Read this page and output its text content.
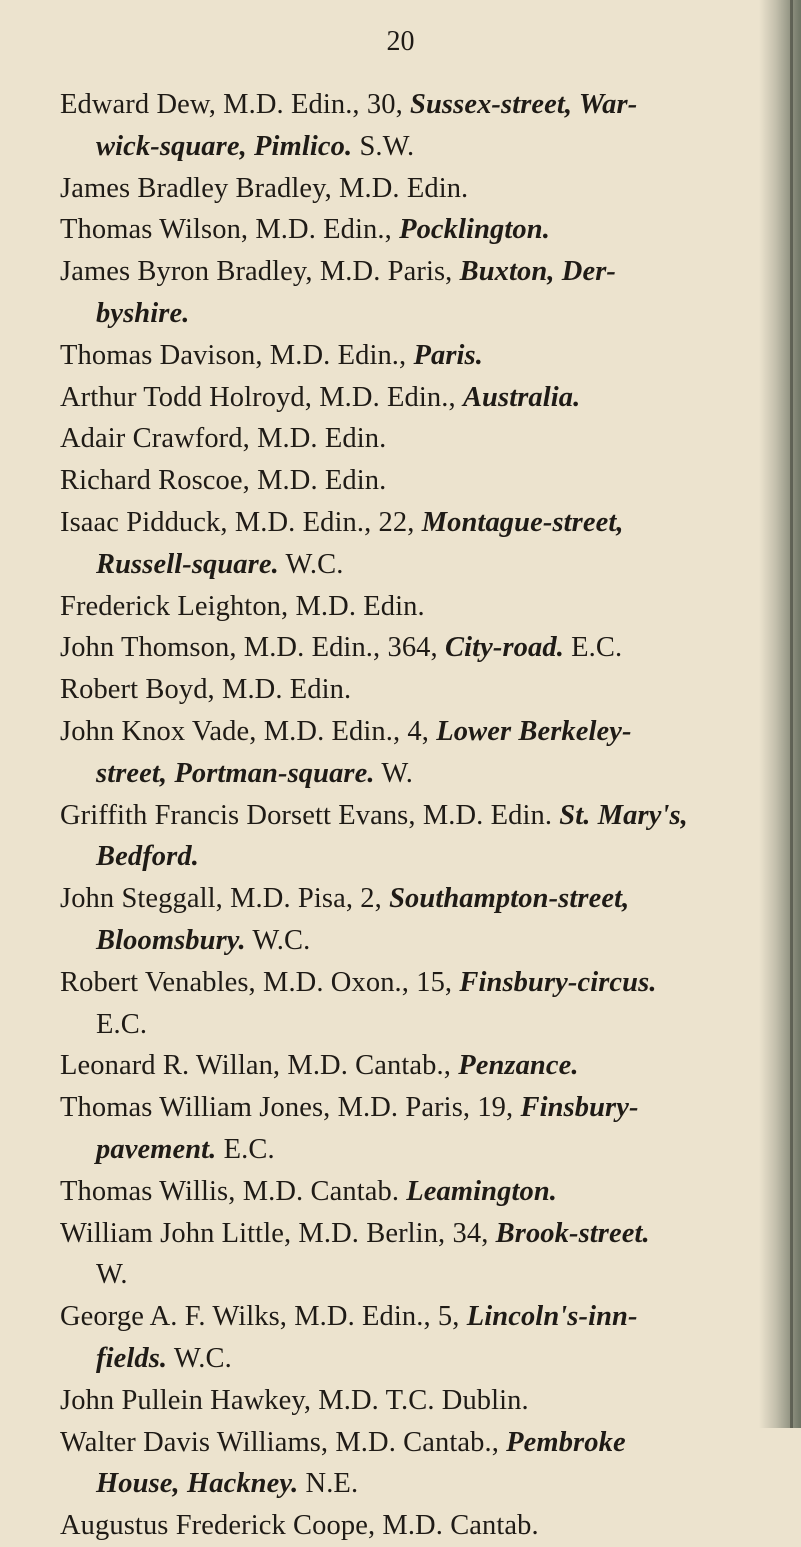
20
Edward Dew, M.D. Edin., 30, Sussex-street, War-
wick-square, Pimlico. S.W.
James Bradley Bradley, M.D. Edin.
Thomas Wilson, M.D. Edin., Pocklington.
James Byron Bradley, M.D. Paris, Buxton, Der-
byshire.
Thomas Davison, M.D. Edin., Paris.
Arthur Todd Holroyd, M.D. Edin., Australia.
Adair Crawford, M.D. Edin.
Richard Roscoe, M.D. Edin.
Isaac Pidduck, M.D. Edin., 22, Montague-street,
Russell-square. W.C.
Frederick Leighton, M.D. Edin.
John Thomson, M.D. Edin., 364, City-road. E.C.
Robert Boyd, M.D. Edin.
John Knox Vade, M.D. Edin., 4, Lower Berkeley-
street, Portman-square. W.
Griffith Francis Dorsett Evans, M.D. Edin. St. Mary's,
Bedford.
John Steggall, M.D. Pisa, 2, Southampton-street,
Bloomsbury. W.C.
Robert Venables, M.D. Oxon., 15, Finsbury-circus.
E.C.
Leonard R. Willan, M.D. Cantab., Penzance.
Thomas William Jones, M.D. Paris, 19, Finsbury-
pavement. E.C.
Thomas Willis, M.D. Cantab. Leamington.
William John Little, M.D. Berlin, 34, Brook-street.
W.
George A. F. Wilks, M.D. Edin., 5, Lincoln's-inn-
fields. W.C.
John Pullein Hawkey, M.D. T.C. Dublin.
Walter Davis Williams, M.D. Cantab., Pembroke
House, Hackney. N.E.
Augustus Frederick Coope, M.D. Cantab.
